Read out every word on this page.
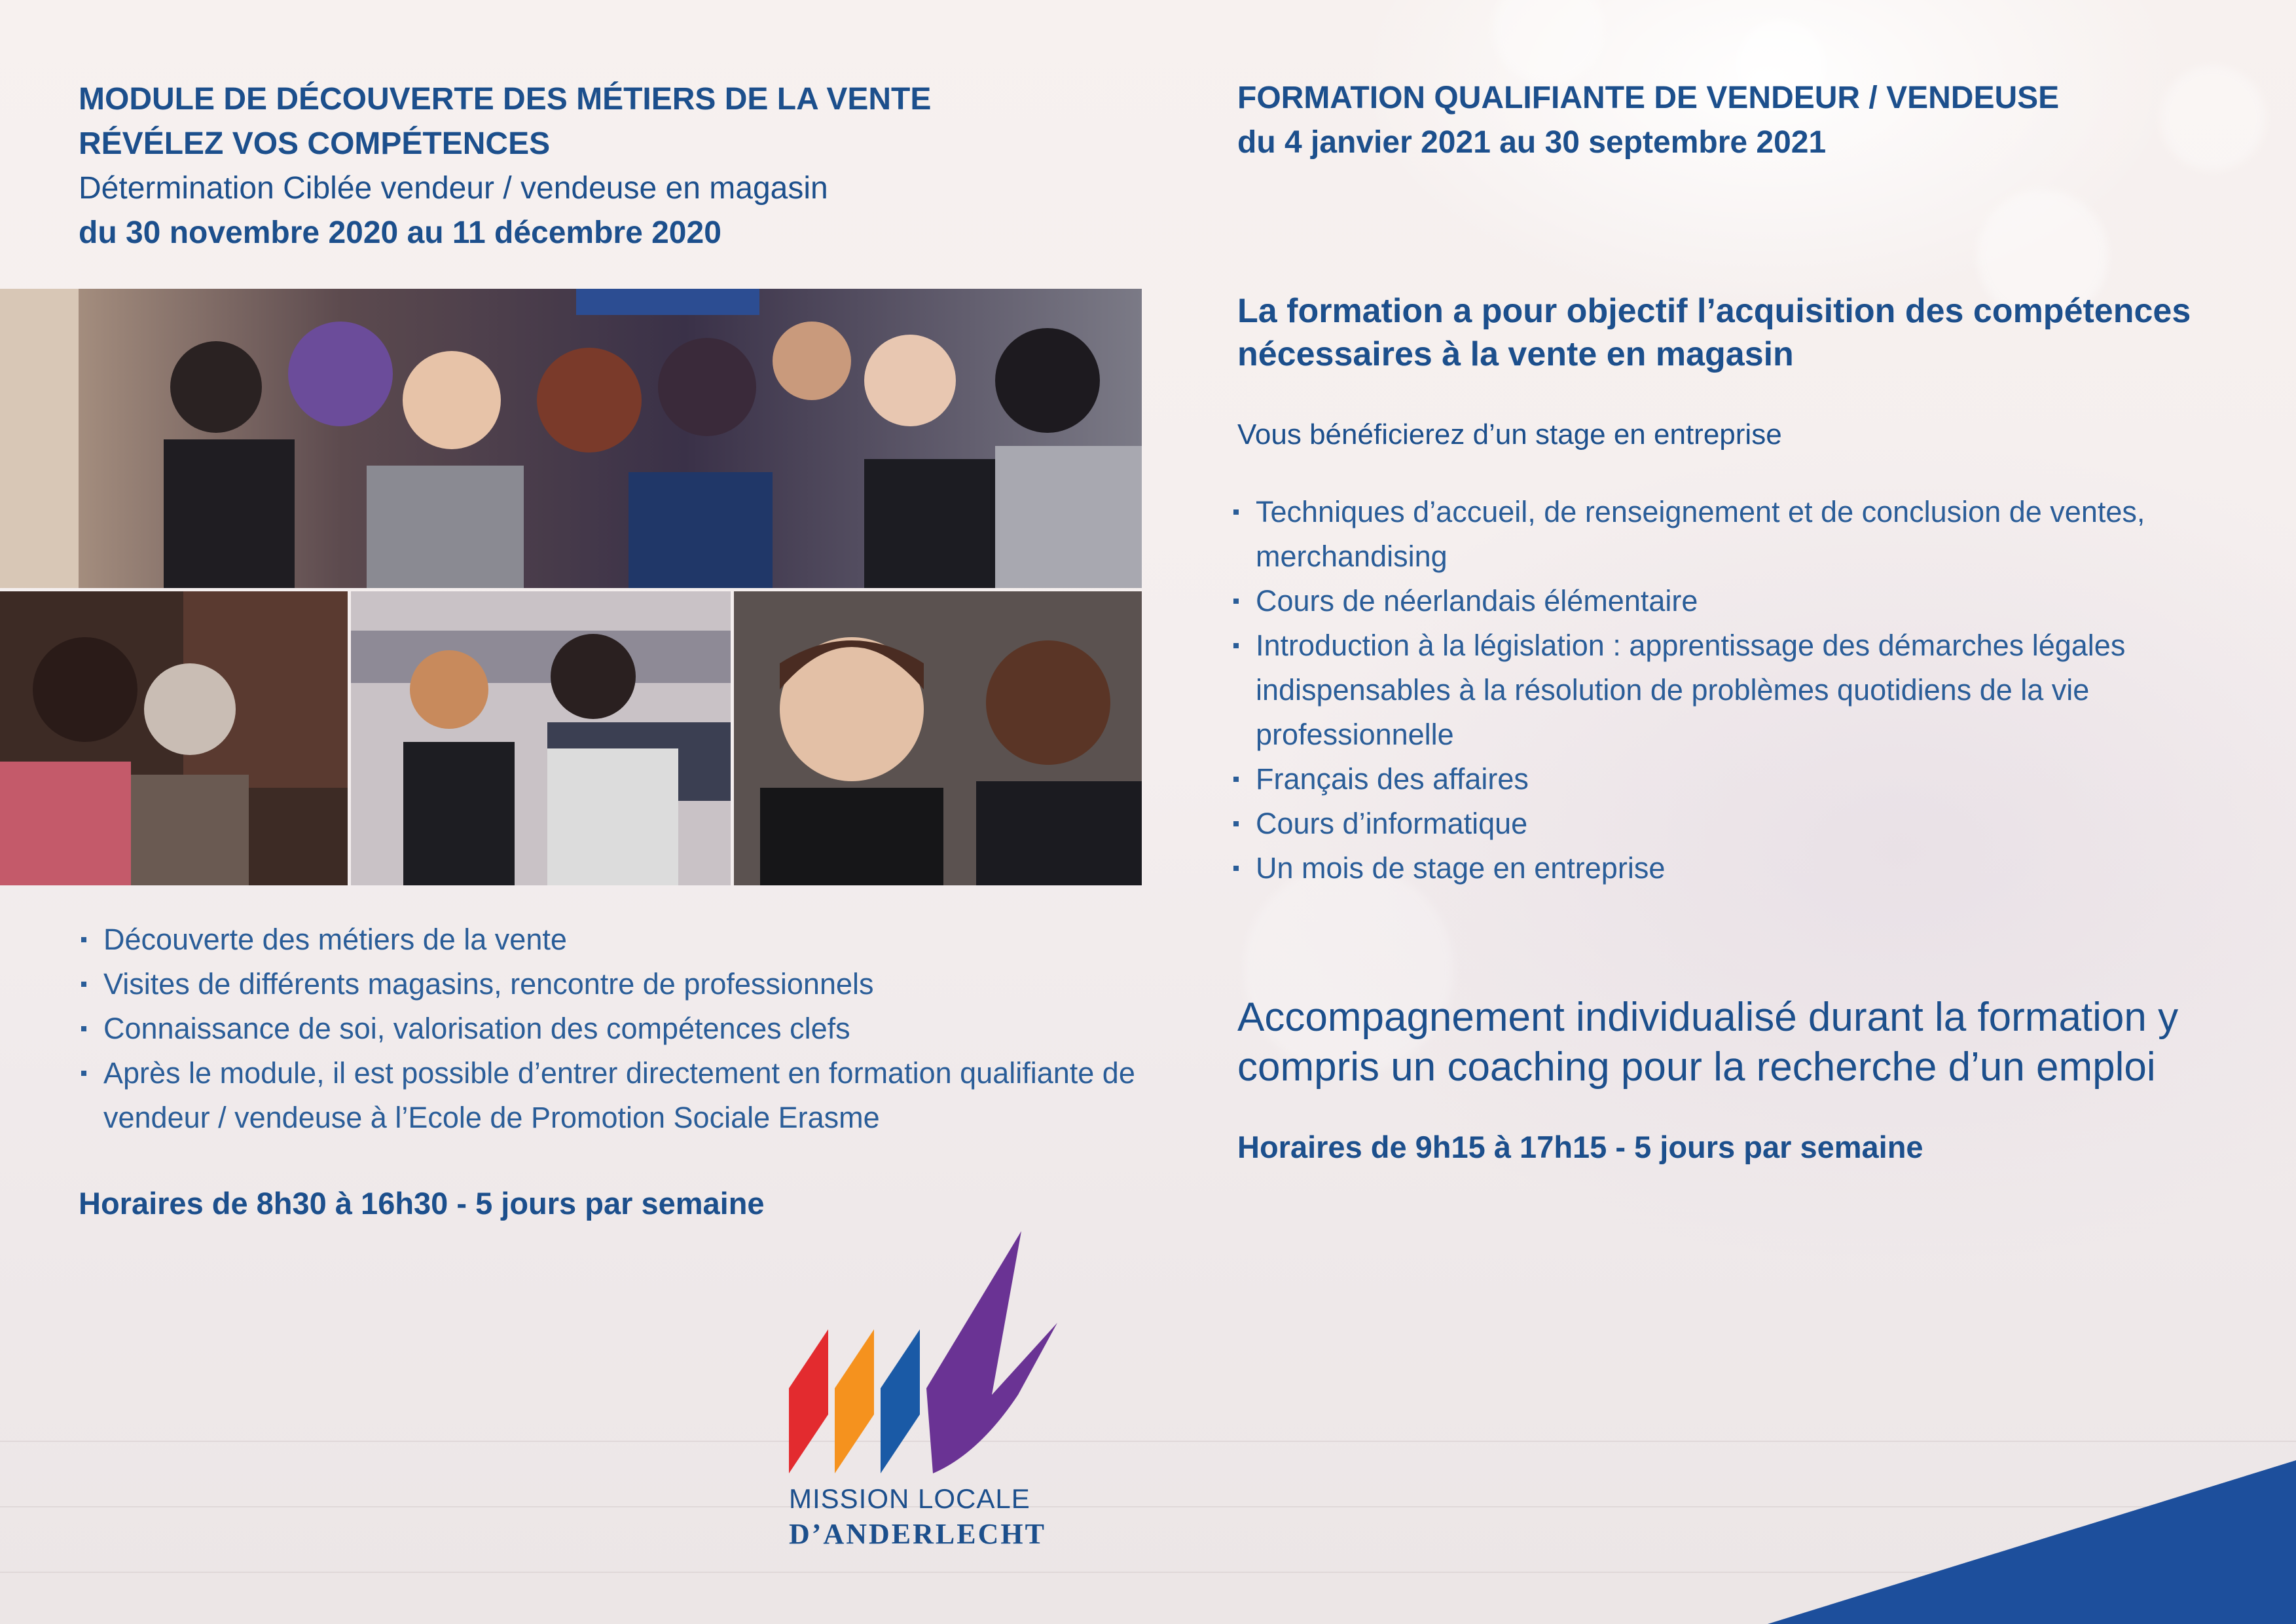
MODULE DE DÉCOUVERTE DES MÉTIERS DE LA VENTE
RÉVÉLEZ VOS COMPÉTENCES
Détermination Ciblée vendeur / vendeuse en magasin
du 30 novembre 2020 au 11 décembre 2020
Découverte des métiers de la vente
Visites de différents magasins, rencontre de professionnels
Connaissance de soi, valorisation des compétences clefs
Après le module, il est possible d’entrer directement en formation qualifiante de vendeur / vendeuse à l’Ecole de Promotion Sociale Erasme
Horaires de 8h30 à 16h30 - 5 jours par semaine
MISSION LOCALE
D’ANDERLECHT
FORMATION QUALIFIANTE DE VENDEUR / VENDEUSE
du 4 janvier 2021 au 30 septembre 2021
La formation a pour objectif l’acquisition des compétences nécessaires à la vente en magasin
Vous bénéficierez d’un stage en entreprise
Techniques d’accueil, de renseignement et de conclusion de ventes, merchandising
Cours de néerlandais élémentaire
Introduction à la législation : apprentissage des démarches légales indispensables à la résolution de problèmes quotidiens de la vie professionnelle
Français des affaires
Cours d’informatique
Un mois de stage en entreprise
Accompagnement individualisé durant la formation y compris un coaching pour la recherche d’un emploi
Horaires de 9h15 à 17h15 - 5 jours par semaine
